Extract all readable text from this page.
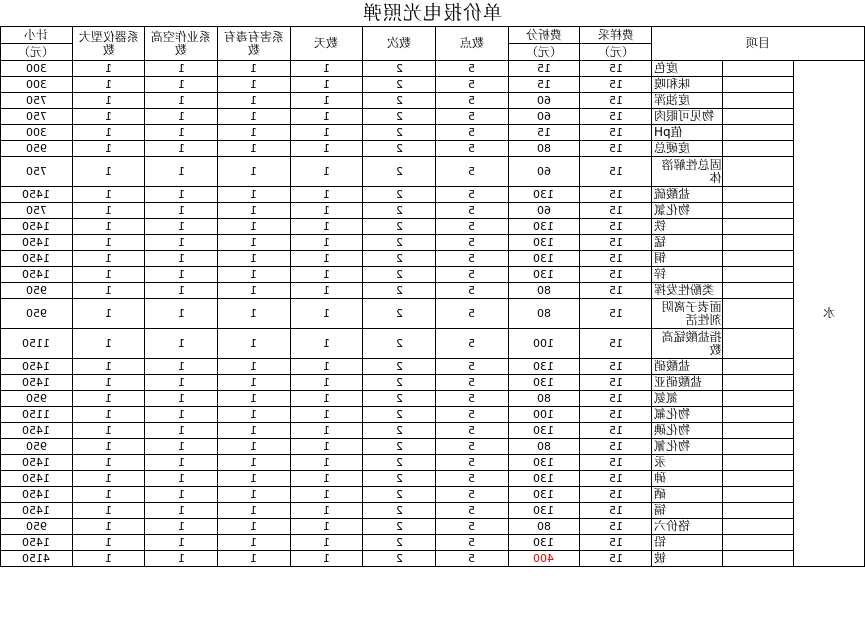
单价报电光照弹
计小	系器仪型大数	系业作空高数	系害有毒有数	数天	数次	数点	费析分	费样采	目项		
（元）							（元）	（元）			
300	1	1	1	1	2	5	15	15	度色		水
300	1	1	1	1	2	5	15	15	味和嗅		
750	1	1	1	1	2	5	60	15	度浊浑		
750	1	1	1	1	2	5	60	15	物见可眼肉		
300	1	1	1	1	2	5	15	15	值pH		
950	1	1	1	1	2	5	80	15	度硬总		
750	1	1	1	1	2	5	60	15	固总性解溶体		
1450	1	1	1	1	2	5	130	15	盐酸硫		
750	1	1	1	1	2	5	60	15	物化氯		
1450	1	1	1	1	2	5	130	15	铁		
1450	1	1	1	1	2	5	130	15	锰		
1450	1	1	1	1	2	5	130	15	铜		
1450	1	1	1	1	2	5	130	15	锌		
950	1	1	1	1	2	5	80	15	类酚性发挥		
950	1	1	1	1	2	5	80	15	面表子离阴剂性活		
1150	1	1	1	1	2	5	100	15	指盐酸锰高数		
1450	1	1	1	1	2	5	130	15	盐酸硝		
1450	1	1	1	1	2	5	130	15	盐酸硝亚		
950	1	1	1	1	2	5	80	15	氮氨		
1150	1	1	1	1	2	5	100	15	物化氟		
1450	1	1	1	1	2	5	130	15	物化碘		
950	1	1	1	1	2	5	80	15	物化氰		
1450	1	1	1	1	2	5	130	15	汞		
1450	1	1	1	1	2	5	130	15	砷		
1450	1	1	1	1	2	5	130	15	硒		
1450	1	1	1	1	2	5	130	15	镉		
950	1	1	1	1	2	5	80	15	铬价六		
1450	1	1	1	1	2	5	130	15	铅		
4150	1	1	1	1	2	5	400	15	铍		
